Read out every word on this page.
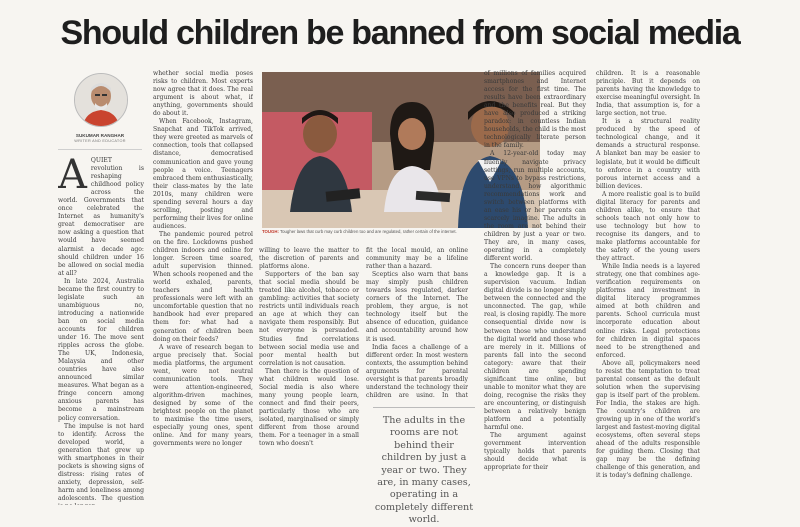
Should children be banned from social media
SUKUMAR RANGHAR
WRITER AND EDUCATOR

AQUIET revolution is reshaping childhood policy across the world. Governments that once celebrated the Internet as humanity's great democratiser are now asking a question that would have seemed alarmist a decade ago: should children under 16 be allowed on social media at all?

In late 2024, Australia became the first country to legislate such an unambiguous no, introducing a nationwide ban on social media accounts for children under 16. The move sent ripples across the globe. The UK, Indonesia, Malaysia and other countries have also announced similar measures. What began as a fringe concern among anxious parents has become a mainstream policy conversation.

The impulse is not hard to identify. Across the developed world, a generation that grew up with smartphones in their pockets is showing signs of distress: rising rates of anxiety, depression, self-harm and loneliness among adolescents. The question

whether social media poses risks to children. Most experts now agree that it does. The real argument is about what, if anything, governments should do about it.

When Facebook, Instagram, Snapchat and TikTok arrived, they were greeted as marvels of connection, tools that collapsed distance, democratised communication and gave young people a voice. Teenagers embraced them enthusiastically, their class-mates by the late 2010s, many children were spending several hours a day scrolling, posting and performing their lives for online audiences.

The pandemic poured petrol on the fire. Lockdowns pushed children indoors and online for longer. Screen time soared, adult supervision thinned. When schools reopened and the world exhaled, parents, teachers and health professionals were left with an uncomfortable question that no handbook had ever prepared them for: what had a generation of children been doing on their feeds?

A wave of research began to argue precisely that. Social media platforms, the argument went, were not neutral communication tools. They were attention-engineered, algorithm-driven machines, designed by some of the brightest people on the planet to maximise the time users, especially young ones, spent online. And for many years, governments were no longer

TOUGH: Tougher laws that curb may curb children too and are regulated, rather certain of the internet.

willing to leave the matter to the discretion of parents and platforms alone.

Supporters of the ban say that social media should be treated like alcohol, tobacco or gambling: activities that society restricts until individuals reach an age at which they can navigate them responsibly. But not everyone is persuaded. Studies find correlations between social media use and poor mental health but correlation is not causation.

Then there is the question of what children would lose. Social media is also where many young people learn, connect and find their peers, particularly those who are isolated, marginalised or simply different from those around them. For a teenager in a small town who doesn't

fit the local mould, an online community may be a lifeline rather than a hazard.

Sceptics also warn that bans may simply push children towards less regulated, darker corners of the Internet. The problem, they argue, is not technology itself but the absence of education, guidance and accountability around how it is used.

India faces a challenge of a different order. In most western contexts, the assumption behind arguments for parental oversight is that parents broadly understand the technology their children are using. In that

The adults in the rooms are not behind their children by just a year or two. They are, in many cases, operating in a completely different world.

of millions of families acquired smartphones and Internet access for the first time. The results have been extraordinary and the benefits real. But they have also produced a striking paradox: in countless Indian households, the child is the most technologically literate person in the family.

A 12-year-old today may fluently navigate privacy settings, run multiple accounts, use VPNs to bypass restrictions, understand how algorithmic recommendations work and switch between platforms with an ease his or her parents can scarcely imagine. The adults in the room are not behind their children by just a year or two. They are, in many cases, operating in a completely different world.

The concern runs deeper than a knowledge gap. It is a supervision vacuum. Indian digital divide is no longer simply between the connected and the unconnected. The gap, while real, is closing rapidly. The more consequential divide now is between those who understand the digital world and those who are merely in it. Millions of parents fall into the second category: aware that their children are spending significant time online, but unable to monitor what they are doing, recognise the risks they are encountering, or distinguish between a relatively benign platform and a potentially harmful one.

The argument against government intervention typically holds that parents should decide what is appropriate for their

children. It is a reasonable principle. But it depends on parents having the knowledge to exercise meaningful oversight. In India, that assumption is, for a large section, not true.

It is a structural reality produced by the speed of technological change, and it demands a structural response. A blanket ban may be easier to legislate, but it would be difficult to enforce in a country with porous internet access and a billion devices.

A more realistic goal is to build digital literacy for parents and children alike, to ensure that schools teach not only how to use technology but how to recognise its dangers, and to make platforms accountable for the safety of the young users they attract.

While India needs is a layered strategy, one that combines age-verification requirements on platforms and investment in digital literacy programmes aimed at both children and parents. School curricula must incorporate education about online risks. Legal protections for children in digital spaces need to be strengthened and enforced.

Above all, policymakers need to resist the temptation to treat parental consent as the default solution when the supervising gap is itself part of the problem. For India, the stakes are high. The country's children are growing up in one of the world's largest and fastest-moving digital ecosystems, often several steps ahead of the adults responsible for guiding them. Closing that gap may be the defining challenge of this generation, and it is today's defining challenge.
